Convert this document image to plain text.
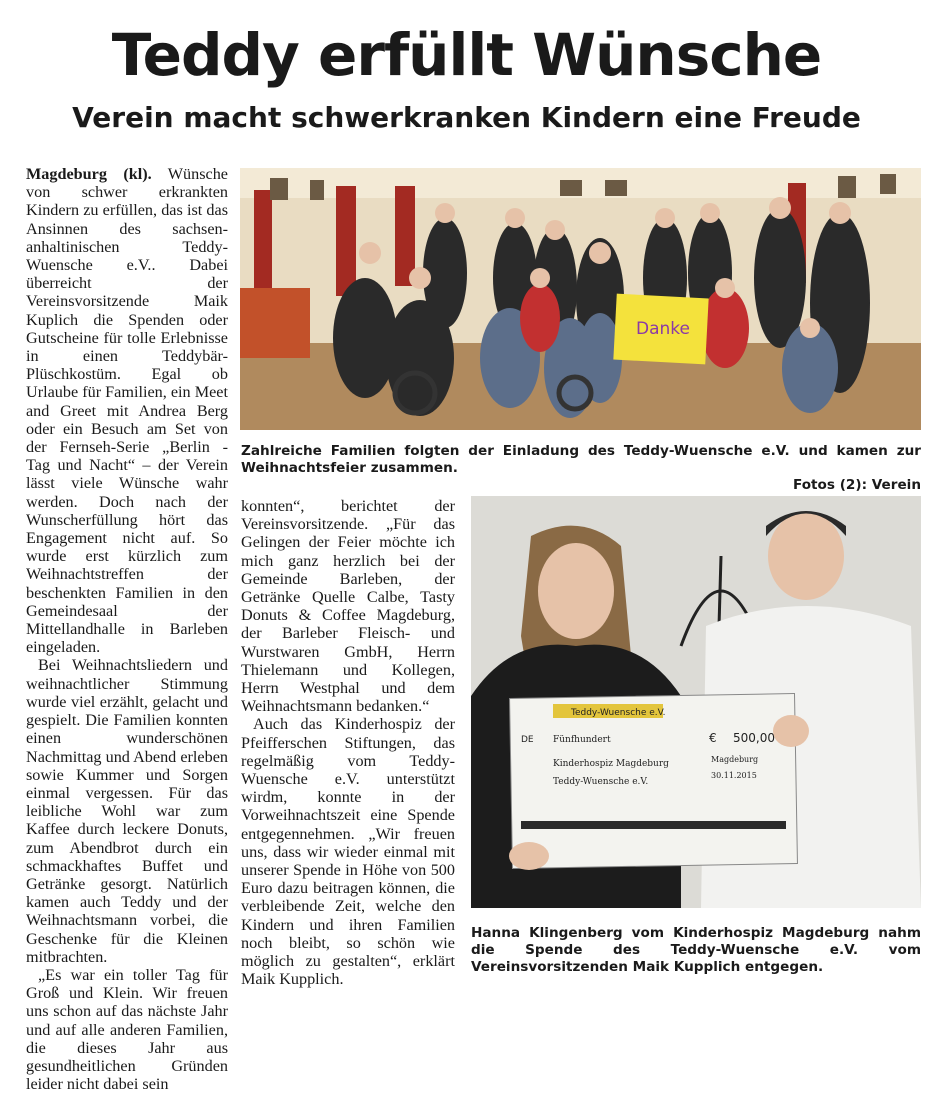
Teddy erfüllt Wünsche
Verein macht schwerkranken Kindern eine Freude

Magdeburg (kl). Wünsche von schwer erkrankten Kindern zu erfüllen, das ist das Ansinnen des sachsen-anhaltinischen Teddy-Wuensche e.V.. Dabei überreicht der Vereinsvorsitzende Maik Kuplich die Spenden oder Gutscheine für tolle Erlebnisse in einen Teddybär-Plüschkostüm. Egal ob Urlaube für Familien, ein Meet and Greet mit Andrea Berg oder ein Besuch am Set von der Fernseh-Serie „Berlin - Tag und Nacht“ – der Verein lässt viele Wünsche wahr werden. Doch nach der Wunscherfüllung hört das Engagement nicht auf. So wurde erst kürzlich zum Weihnachtstreffen der beschenkten Familien in den Gemeindesaal der Mittellandhalle in Barleben eingeladen.

Bei Weihnachtsliedern und weihnachtlicher Stimmung wurde viel erzählt, gelacht und gespielt. Die Familien konnten einen wunderschönen Nachmittag und Abend erleben sowie Kummer und Sorgen einmal vergessen. Für das leibliche Wohl war zum Kaffee durch leckere Donuts, zum Abendbrot durch ein schmackhaftes Buffet und Getränke gesorgt. Natürlich kamen auch Teddy und der Weihnachtsmann vorbei, die Geschenke für die Kleinen mitbrachten.

„Es war ein toller Tag für Groß und Klein. Wir freuen uns schon auf das nächste Jahr und auf alle anderen Familien, die dieses Jahr aus gesundheitlichen Gründen leider nicht dabei sein

Danke
Zahlreiche Familien folgten der Einladung des Teddy-Wuensche e.V. und kamen zur Weihnachtsfeier zusammen.
Fotos (2): Verein

konnten“, berichtet der Vereinsvorsitzende. „Für das Gelingen der Feier möchte ich mich ganz herzlich bei der Gemeinde Barleben, der Getränke Quelle Calbe, Tasty Donuts & Coffee Magdeburg, der Barleber Fleisch- und Wurstwaren GmbH, Herrn Thielemann und Kollegen, Herrn Westphal und dem Weihnachtsmann bedanken.“

Auch das Kinderhospiz der Pfeifferschen Stiftungen, das regelmäßig vom Teddy-Wuensche e.V. unterstützt wirdm, konnte in der Vorweihnachtszeit eine Spende entgegennehmen. „Wir freuen uns, dass wir wieder einmal mit unserer Spende in Höhe von 500 Euro dazu beitragen können, die verbleibende Zeit, welche den Kindern und ihren Familien noch bleibt, so schön wie möglich zu gestalten“, erklärt Maik Kupplich.

Teddy-Wuensche e.V.
DE Fünfhundert	€ 500,00
Kinderhospiz Magdeburg	Magdeburg
30.11.2015
Teddy-Wuensche e.V.
Hanna Klingenberg vom Kinderhospiz Magdeburg nahm die Spende des Teddy-Wuensche e.V. vom Vereinsvorsitzenden Maik Kupplich entgegen.
